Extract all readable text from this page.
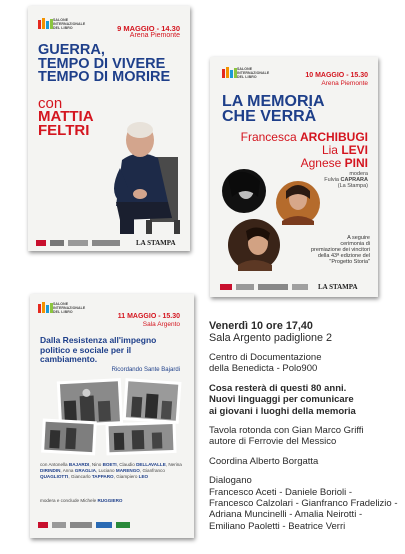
SALONE
INTERNAZIONALE
DEL LIBRO	9 MAGGIO - 14.30
Arena Piemonte
GUERRA,
TEMPO DI VIVERE
TEMPO DI MORIRE
con
MATTIA
FELTRI
LA STAMPA
SALONE
INTERNAZIONALE
DEL LIBRO	10 MAGGIO - 15.30
Arena Piemonte
LA MEMORIA
CHE VERRÀ
Francesca ARCHIBUGI
Lia LEVI
Agnese PINI
modera
Fulvia CAPRARA
(La Stampa)
A seguire
cerimonia di
premiazione dei vincitori
della 43ª edizione del
"Progetto Storia"
LA STAMPA
SALONE
INTERNAZIONALE
DEL LIBRO
11 MAGGIO - 15.30
Sala Argento
Dalla Resistenza all'impegno
politico e sociale per il
cambiamento.
Ricordando Sante Bajardi
con Antonella BAJARDI, Nino BOETI, Claudio DELLAVALLE, Nerina DIRINDIN, Anna GRAGLIA, Luciano MARENGO, Gianfranco QUAGLIOTTI, Giancarlo TAPPARO, Giampiero LEO
modera e conclude Michele RUGGIERO

Venerdì 10 ore 17,40

Sala Argento padiglione 2

Centro di Documentazione

della Benedicta - Polo900

Cosa resterà di questi 80 anni.

Nuovi linguaggi per comunicare

ai giovani i luoghi della memoria

Tavola rotonda con Gian Marco Griffi

autore di Ferrovie del Messico

Coordina Alberto Borgatta

Dialogano

Francesco Aceti - Daniele Borioli -

Francesco Calzolari - Gianfranco Fradelizio -

Adriana Muncinelli - Amalia Neirotti -

Emiliano Paoletti - Beatrice Verri
